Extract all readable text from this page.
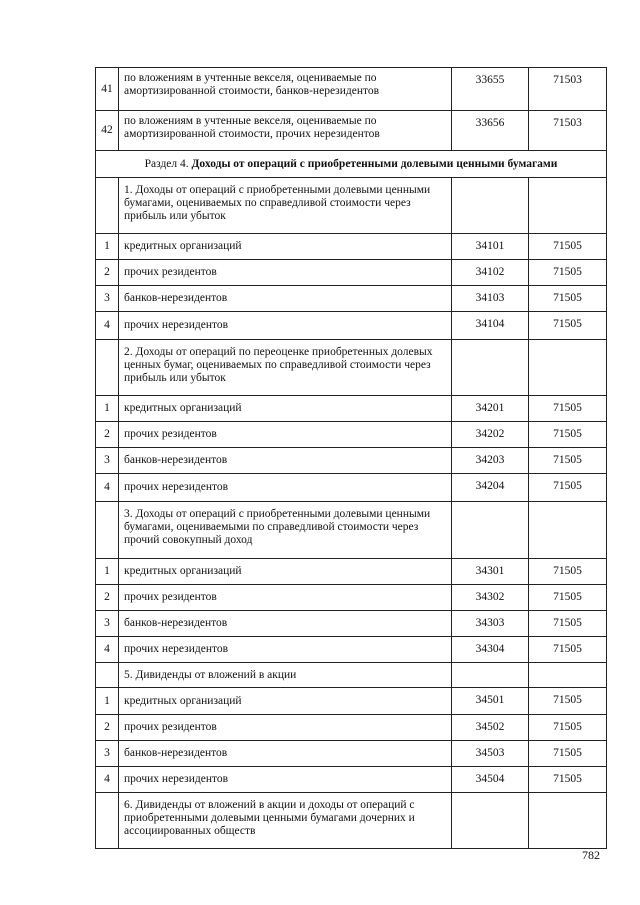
41	по вложениям в учтенные векселя, оцениваемые по амортизированной стоимости, банков-нерезидентов	33655	71503
42	по вложениям в учтенные векселя, оцениваемые по амортизированной стоимости, прочих нерезидентов	33656	71503
Раздел 4. Доходы от операций с приобретенными долевыми ценными бумагами			
	1. Доходы от операций с приобретенными долевыми ценными бумагами, оцениваемых по справедливой стоимости через прибыль или убыток		
1	кредитных организаций	34101	71505
2	прочих резидентов	34102	71505
3	банков-нерезидентов	34103	71505
4	прочих нерезидентов	34104	71505
	2. Доходы от операций по переоценке приобретенных долевых ценных бумаг, оцениваемых по справедливой стоимости через прибыль или убыток		
1	кредитных организаций	34201	71505
2	прочих резидентов	34202	71505
3	банков-нерезидентов	34203	71505
4	прочих нерезидентов	34204	71505
	3. Доходы от операций с приобретенными долевыми ценными бумагами, оцениваемыми по справедливой стоимости через прочий совокупный доход		
1	кредитных организаций	34301	71505
2	прочих резидентов	34302	71505
3	банков-нерезидентов	34303	71505
4	прочих нерезидентов	34304	71505
	5. Дивиденды от вложений в акции		
1	кредитных организаций	34501	71505
2	прочих резидентов	34502	71505
3	банков-нерезидентов	34503	71505
4	прочих нерезидентов	34504	71505
	6. Дивиденды от вложений в акции и доходы от операций с приобретенными долевыми ценными бумагами дочерних и ассоциированных обществ		
782
